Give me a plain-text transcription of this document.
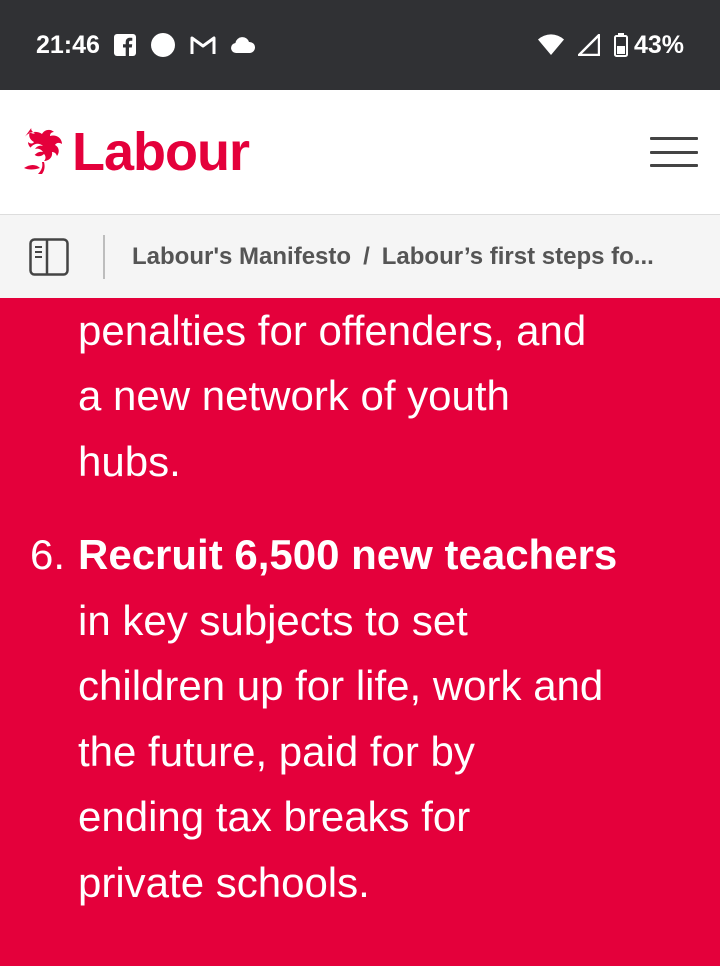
21:46	43%
Labour
Labour's Manifesto / Labour’s first steps fo...

penalties for offenders, and
a new network of youth
hubs.

6. Recruit 6,500 new teachers
in key subjects to set
children up for life, work and
the future, paid for by
ending tax breaks for
private schools.
